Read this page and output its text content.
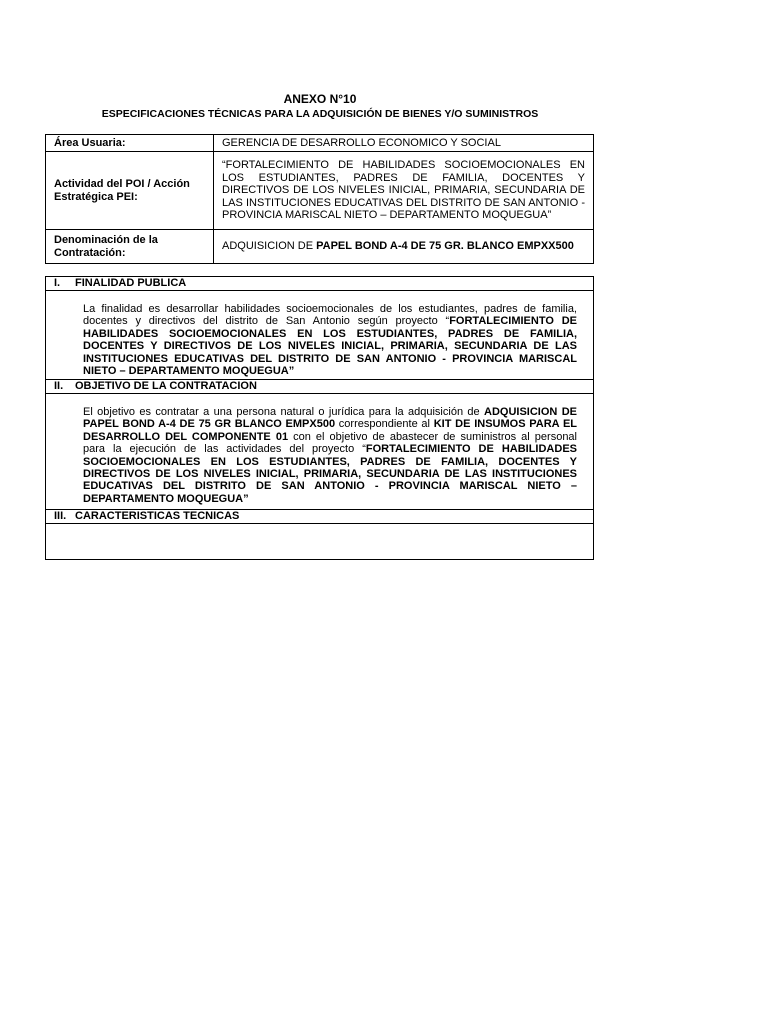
ANEXO N°10
ESPECIFICACIONES TÉCNICAS PARA LA ADQUISICIÓN DE BIENES Y/O SUMINISTROS
Área Usuaria:	GERENCIA DE DESARROLLO ECONOMICO Y SOCIAL
Actividad del POI / Acción
Estratégica PEI:	“FORTALECIMIENTO DE HABILIDADES SOCIOEMOCIONALES EN LOS ESTUDIANTES, PADRES DE FAMILIA, DOCENTES Y DIRECTIVOS DE LOS NIVELES INICIAL, PRIMARIA, SECUNDARIA DE LAS INSTITUCIONES EDUCATIVAS DEL DISTRITO DE SAN ANTONIO - PROVINCIA MARISCAL NIETO – DEPARTAMENTO MOQUEGUA”
Denominación de la
Contratación:	ADQUISICION DE PAPEL BOND A-4 DE 75 GR. BLANCO EMPXX500
I.	FINALIDAD PUBLICA
La finalidad es desarrollar habilidades socioemocionales de los estudiantes, padres de familia, docentes y directivos del distrito de San Antonio según proyecto “FORTALECIMIENTO DE HABILIDADES SOCIOEMOCIONALES EN LOS ESTUDIANTES, PADRES DE FAMILIA, DOCENTES Y DIRECTIVOS DE LOS NIVELES INICIAL, PRIMARIA, SECUNDARIA DE LAS INSTITUCIONES EDUCATIVAS DEL DISTRITO DE SAN ANTONIO - PROVINCIA MARISCAL NIETO – DEPARTAMENTO MOQUEGUA”	
II.	OBJETIVO DE LA CONTRATACION
El objetivo es contratar a una persona natural o jurídica para la adquisición de ADQUISICION DE PAPEL BOND A-4 DE 75 GR BLANCO EMPX500 correspondiente al KIT DE INSUMOS PARA EL DESARROLLO DEL COMPONENTE 01 con el objetivo de abastecer de suministros al personal para la ejecución de las actividades del proyecto “FORTALECIMIENTO DE HABILIDADES SOCIOEMOCIONALES EN LOS ESTUDIANTES, PADRES DE FAMILIA, DOCENTES Y DIRECTIVOS DE LOS NIVELES INICIAL, PRIMARIA, SECUNDARIA DE LAS INSTITUCIONES EDUCATIVAS DEL DISTRITO DE SAN ANTONIO - PROVINCIA MARISCAL NIETO – DEPARTAMENTO MOQUEGUA”	
III.	CARACTERISTICAS TECNICAS
